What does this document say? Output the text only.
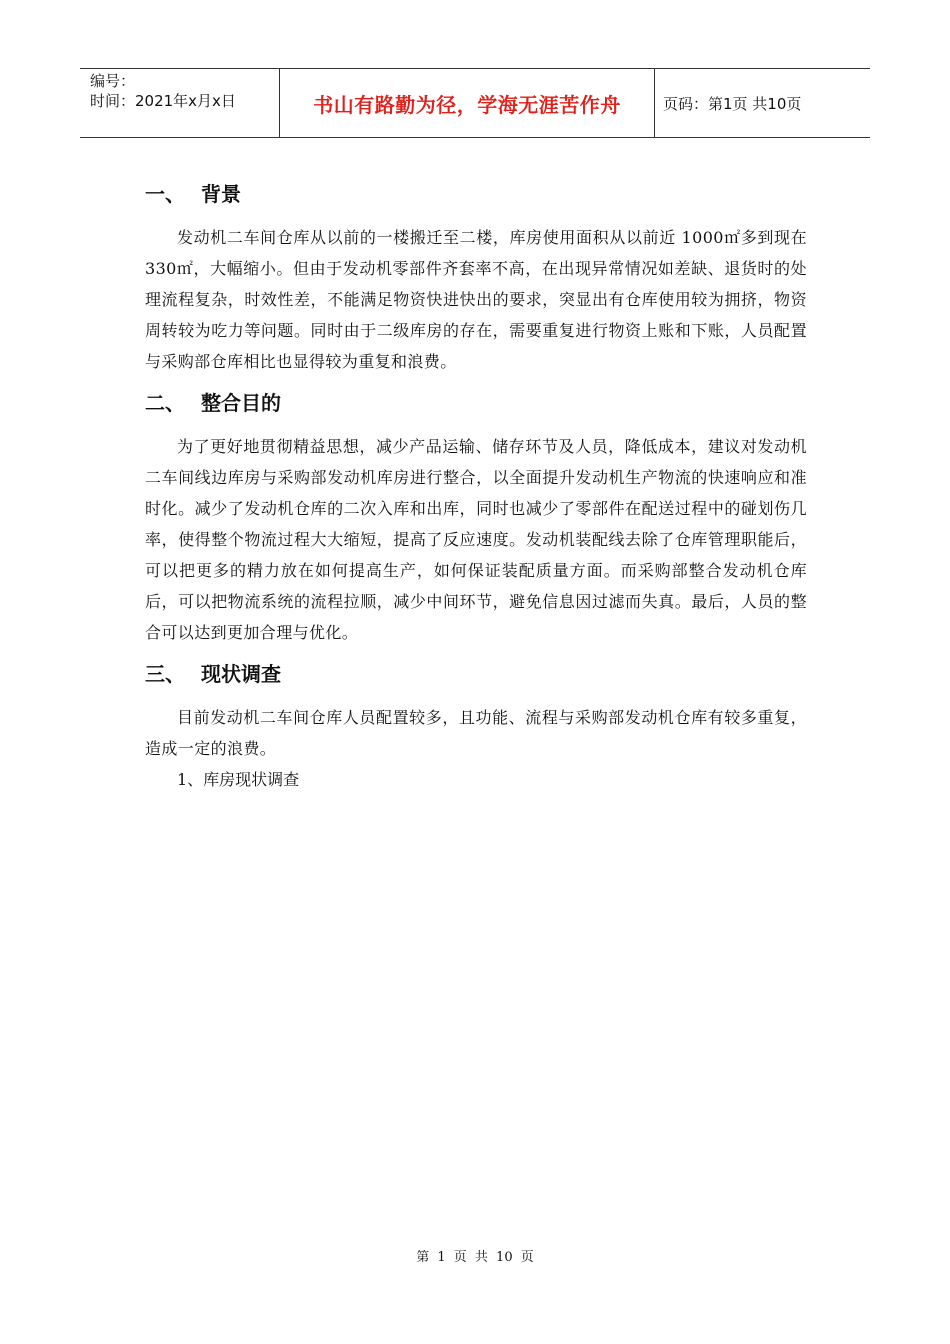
编号：
时间：2021年x月x日	书山有路勤为径，学海无涯苦作舟	页码：第1页 共10页
一、 背景

发动机二车间仓库从以前的一楼搬迁至二楼，库房使用面积从以前近 1000㎡多到现在 330㎡，大幅缩小。但由于发动机零部件齐套率不高，在出现异常情况如差缺、退货时的处理流程复杂，时效性差，不能满足物资快进快出的要求，突显出有仓库使用较为拥挤，物资周转较为吃力等问题。同时由于二级库房的存在，需要重复进行物资上账和下账，人员配置与采购部仓库相比也显得较为重复和浪费。

二、 整合目的

为了更好地贯彻精益思想，减少产品运输、储存环节及人员，降低成本，建议对发动机二车间线边库房与采购部发动机库房进行整合，以全面提升发动机生产物流的快速响应和准时化。减少了发动机仓库的二次入库和出库，同时也减少了零部件在配送过程中的碰划伤几率，使得整个物流过程大大缩短，提高了反应速度。发动机装配线去除了仓库管理职能后，可以把更多的精力放在如何提高生产，如何保证装配质量方面。而采购部整合发动机仓库后，可以把物流系统的流程拉顺，减少中间环节，避免信息因过滤而失真。最后，人员的整合可以达到更加合理与优化。

三、 现状调查

目前发动机二车间仓库人员配置较多，且功能、流程与采购部发动机仓库有较多重复，造成一定的浪费。

1、库房现状调查

第 1 页 共 10 页
